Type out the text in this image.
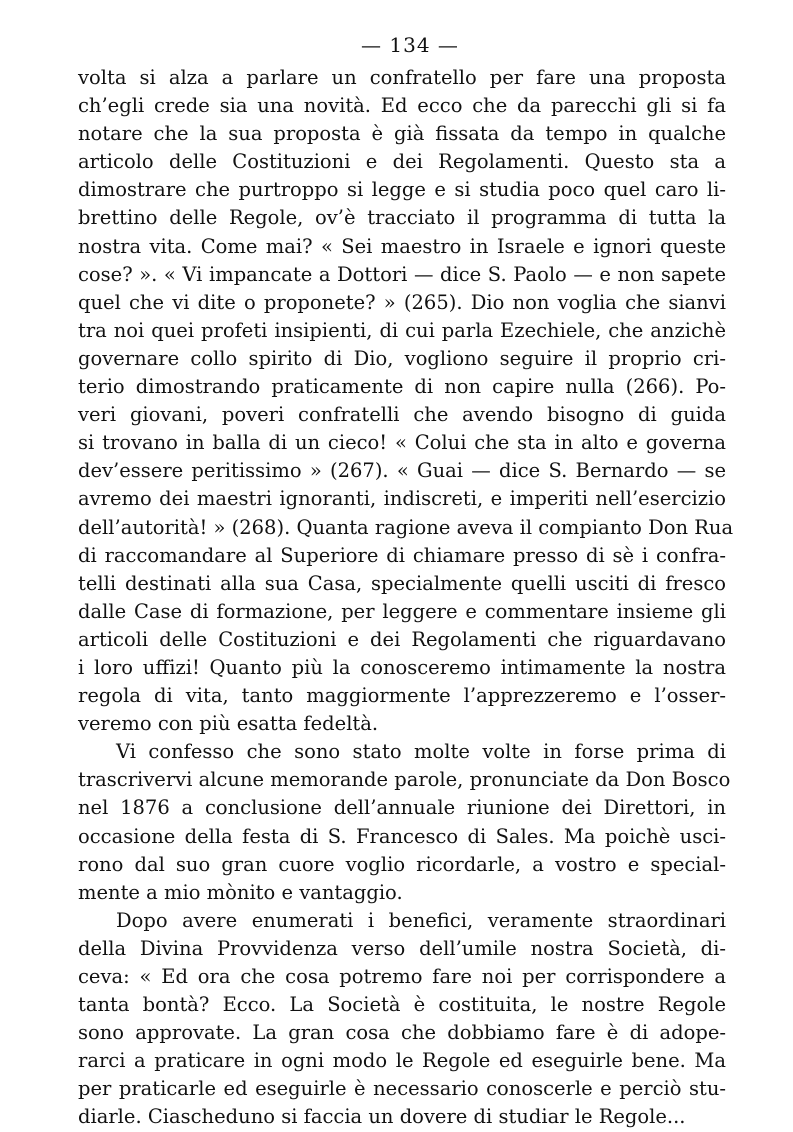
— 134 —
volta si alza a parlare un confratello per fare una proposta
ch’egli crede sia una novità. Ed ecco che da parecchi gli si fa
notare che la sua proposta è già fissata da tempo in qualche
articolo delle Costituzioni e dei Regolamenti. Questo sta a
dimostrare che purtroppo si legge e si studia poco quel caro li-
brettino delle Regole, ov’è tracciato il programma di tutta la
nostra vita. Come mai? « Sei maestro in Israele e ignori queste
cose? ». « Vi impancate a Dottori — dice S. Paolo — e non sapete
quel che vi dite o proponete? » (265). Dio non voglia che sianvi
tra noi quei profeti insipienti, di cui parla Ezechiele, che anzichè
governare collo spirito di Dio, vogliono seguire il proprio cri-
terio dimostrando praticamente di non capire nulla (266). Po-
veri giovani, poveri confratelli che avendo bisogno di guida
si trovano in balla di un cieco! « Colui che sta in alto e governa
dev’essere peritissimo » (267). « Guai — dice S. Bernardo — se
avremo dei maestri ignoranti, indiscreti, e imperiti nell’esercizio
dell’autorità! » (268). Quanta ragione aveva il compianto Don Rua
di raccomandare al Superiore di chiamare presso di sè i confra-
telli destinati alla sua Casa, specialmente quelli usciti di fresco
dalle Case di formazione, per leggere e commentare insieme gli
articoli delle Costituzioni e dei Regolamenti che riguardavano
i loro uffizi! Quanto più la conosceremo intimamente la nostra
regola di vita, tanto maggiormente l’apprezzeremo e l’osser-
veremo con più esatta fedeltà.
Vi confesso che sono stato molte volte in forse prima di
trascrivervi alcune memorande parole, pronunciate da Don Bosco
nel 1876 a conclusione dell’annuale riunione dei Direttori, in
occasione della festa di S. Francesco di Sales. Ma poichè usci-
rono dal suo gran cuore voglio ricordarle, a vostro e special-
mente a mio mònito e vantaggio.
Dopo avere enumerati i benefici, veramente straordinari
della Divina Provvidenza verso dell’umile nostra Società, di-
ceva: « Ed ora che cosa potremo fare noi per corrispondere a
tanta bontà? Ecco. La Società è costituita, le nostre Regole
sono approvate. La gran cosa che dobbiamo fare è di adope-
rarci a praticare in ogni modo le Regole ed eseguirle bene. Ma
per praticarle ed eseguirle è necessario conoscerle e perciò stu-
diarle. Ciascheduno si faccia un dovere di studiar le Regole...
